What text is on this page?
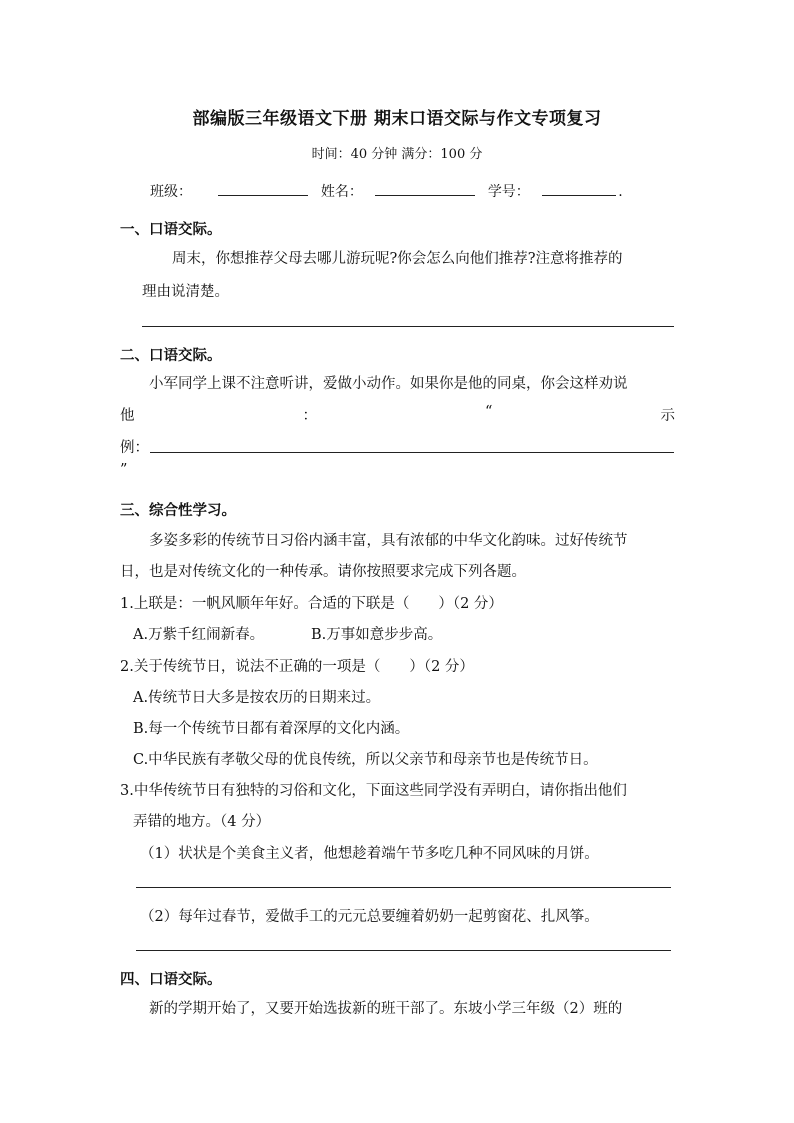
部编版三年级语文下册 期末口语交际与作文专项复习
时间：40 分钟 满分：100 分
班级：	姓名：	学号：	.
一、口语交际。
周末，你想推荐父母去哪儿游玩呢?你会怎么向他们推荐?注意将推荐的
理由说清楚。
二、口语交际。
小军同学上课不注意听讲，爱做小动作。如果你是他的同桌，你会这样劝说
他	：	“	示
例：
”
三、综合性学习。
多姿多彩的传统节日习俗内涵丰富，具有浓郁的中华文化韵味。过好传统节
日，也是对传统文化的一种传承。请你按照要求完成下列各题。
1.上联是：一帆风顺年年好。合适的下联是（　　）（2 分）
A.万紫千红闹新春。	B.万事如意步步高。
2.关于传统节日，说法不正确的一项是（　　）（2 分）
A.传统节日大多是按农历的日期来过。
B.每一个传统节日都有着深厚的文化内涵。
C.中华民族有孝敬父母的优良传统，所以父亲节和母亲节也是传统节日。
3.中华传统节日有独特的习俗和文化，下面这些同学没有弄明白，请你指出他们
弄错的地方。（4 分）
（1）状状是个美食主义者，他想趁着端午节多吃几种不同风味的月饼。
（2）每年过春节，爱做手工的元元总要缠着奶奶一起剪窗花、扎风筝。
四、口语交际。
新的学期开始了，又要开始选拔新的班干部了。东坡小学三年级（2）班的
